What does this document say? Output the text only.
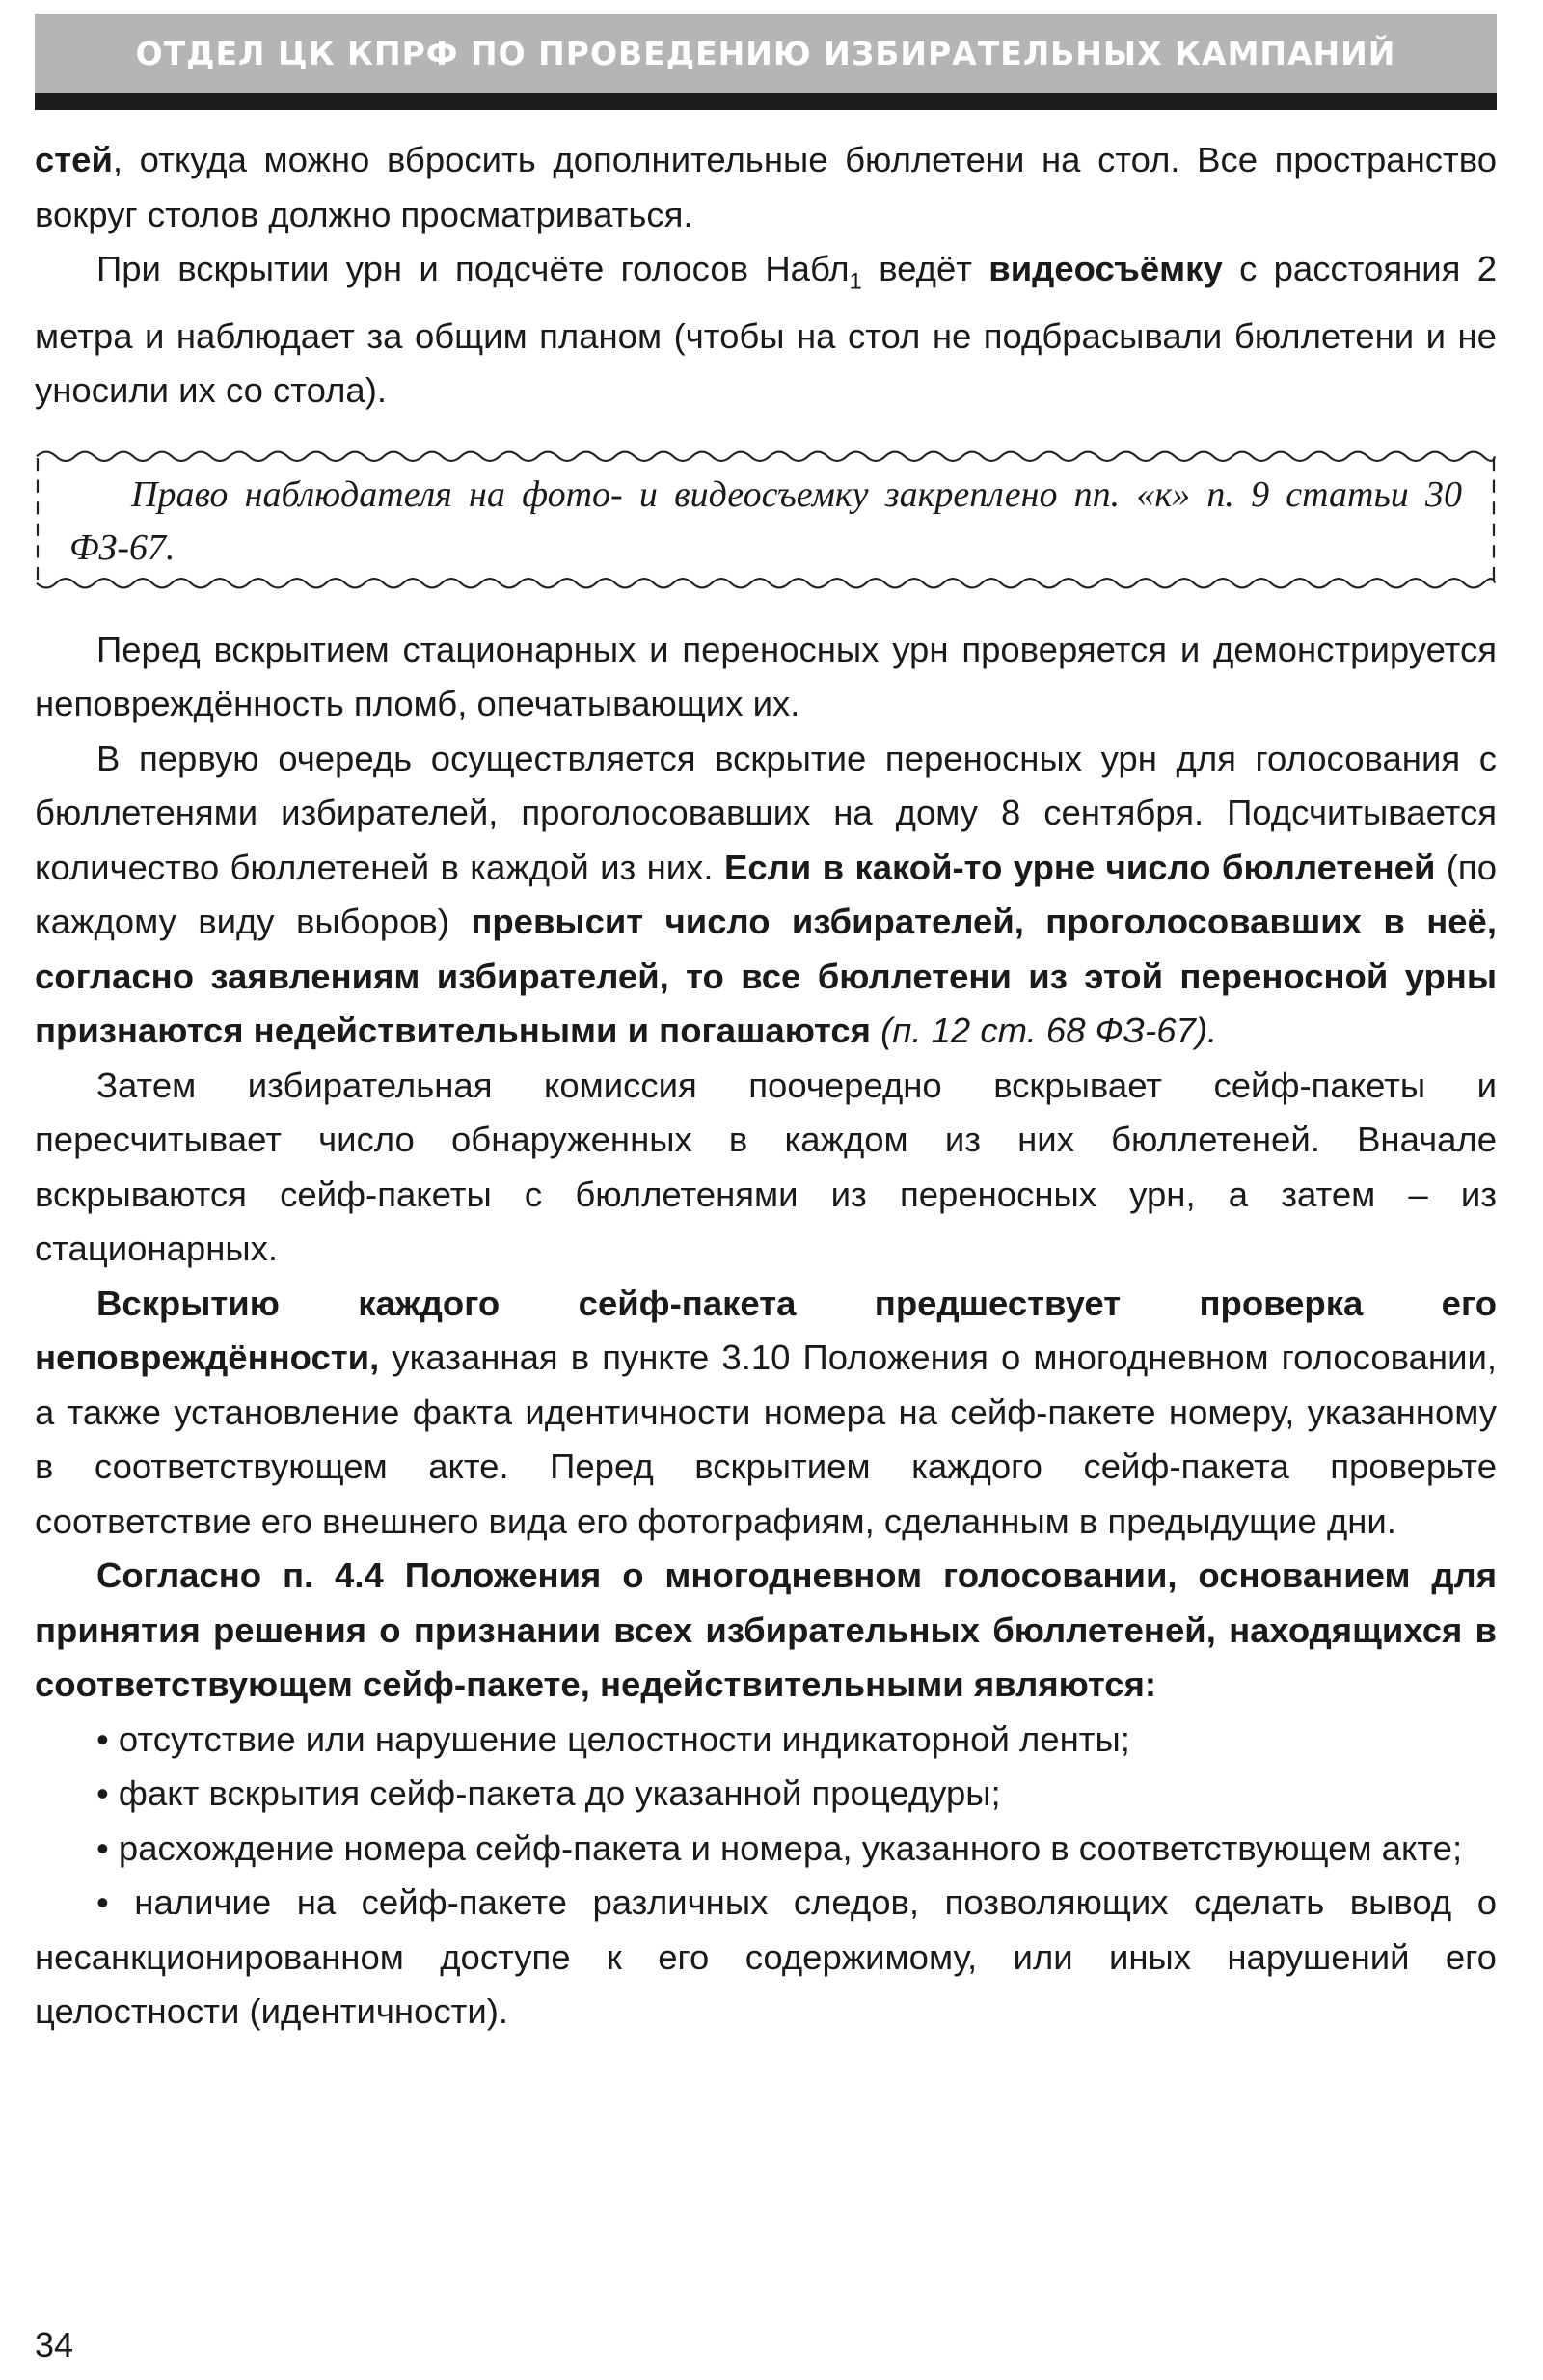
ОТДЕЛ ЦК КПРФ ПО ПРОВЕДЕНИЮ ИЗБИРАТЕЛЬНЫХ КАМПАНИЙ

стей, откуда можно вбросить дополнительные бюллетени на стол. Все пространство вокруг столов должно просматриваться.

При вскрытии урн и подсчёте голосов Набл$_1$ ведёт видеосъёмку с расстояния 2 метра и наблюдает за общим планом (чтобы на стол не подбрасывали бюллетени и не уносили их со стола).

Право наблюдателя на фото- и видеосъемку закреплено пп. «к» п. 9 статьи 30 ФЗ-67.

Перед вскрытием стационарных и переносных урн проверяется и демонстрируется неповреждённость пломб, опечатывающих их.

В первую очередь осуществляется вскрытие переносных урн для голосования с бюллетенями избирателей, проголосовавших на дому 8 сентября. Подсчитывается количество бюллетеней в каждой из них. Если в какой-то урне число бюллетеней (по каждому виду выборов) превысит число избирателей, проголосовавших в неё, согласно заявлениям избирателей, то все бюллетени из этой переносной урны признаются недействительными и погашаются (п. 12 ст. 68 ФЗ-67).

Затем избирательная комиссия поочередно вскрывает сейф-пакеты и пересчитывает число обнаруженных в каждом из них бюллетеней. Вначале вскрываются сейф-пакеты с бюллетенями из переносных урн, а затем – из стационарных.

Вскрытию каждого сейф-пакета предшествует проверка его неповреждённости, указанная в пункте 3.10 Положения о многодневном голосовании, а также установление факта идентичности номера на сейф-пакете номеру, указанному в соответствующем акте. Перед вскрытием каждого сейф-пакета проверьте соответствие его внешнего вида его фотографиям, сделанным в предыдущие дни.

Согласно п. 4.4 Положения о многодневном голосовании, основанием для принятия решения о признании всех избирательных бюллетеней, находящихся в соответствующем сейф-пакете, недействительными являются:

• отсутствие или нарушение целостности индикаторной ленты;

• факт вскрытия сейф-пакета до указанной процедуры;

• расхождение номера сейф-пакета и номера, указанного в соответствующем акте;

• наличие на сейф-пакете различных следов, позволяющих сделать вывод о несанкционированном доступе к его содержимому, или иных нарушений его целостности (идентичности).

34
